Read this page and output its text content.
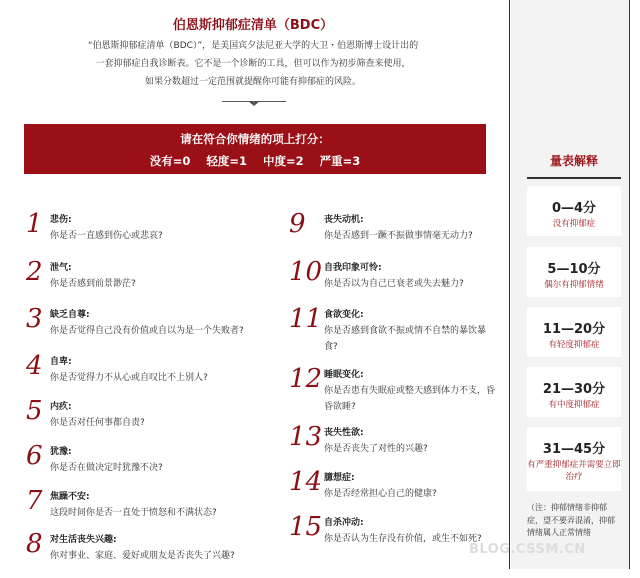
伯恩斯抑郁症清单（BDC）
“伯恩斯抑郁症清单（BDC）”，是美国宾夕法尼亚大学的大卫・伯恩斯博士设计出的
一套抑郁症自我诊断表。它不是一个诊断的工具，但可以作为初步筛查来使用，
如果分数超过一定范围就提醒你可能有抑郁症的风险。
请在符合你情绪的项上打分：
没有=0    轻度=1    中度=2    严重=3
1 悲伤:
你是否一直感到伤心或悲哀?
2 泄气:
你是否感到前景渺茫?
3 缺乏自尊:
你是否觉得自己没有价值或自以为是一个失败者?
4 自卑:
你是否觉得力不从心或自叹比不上别人?
5 内疚:
你是否对任何事都自责?
6 犹豫:
你是否在做决定时犹豫不决?
7 焦躁不安:
这段时间你是否一直处于愤怒和不满状态?
8 对生活丧失兴趣:
你对事业、家庭、爱好或朋友是否丧失了兴趣?
9	丧失动机:
你是否感到一蹶不振做事情毫无动力?
10 自我印象可怜:
你是否以为自己已衰老或失去魅力?
11 食欲变化:
你是否感到食欲不振或情不自禁的暴饮暴食?
12 睡眠变化:
你是否患有失眠症或整天感到体力不支，昏昏欲睡?
13 丧失性欲:
你是否丧失了对性的兴趣?
14 臆想症:
你是否经常担心自己的健康?
15 自杀冲动:
你是否认为生存没有价值，或生不如死?
量表解释
0—4分
没有抑郁症
5—10分
偶尔有抑郁情绪
11—20分
有轻度抑郁症
21—30分
有中度抑郁症
31—45分
有严重抑郁症并需要立即治疗
（注：抑郁情绪非抑郁症，望不要弄混淆，抑郁情绪属人正常情绪
BLOG.CSSM.CN
